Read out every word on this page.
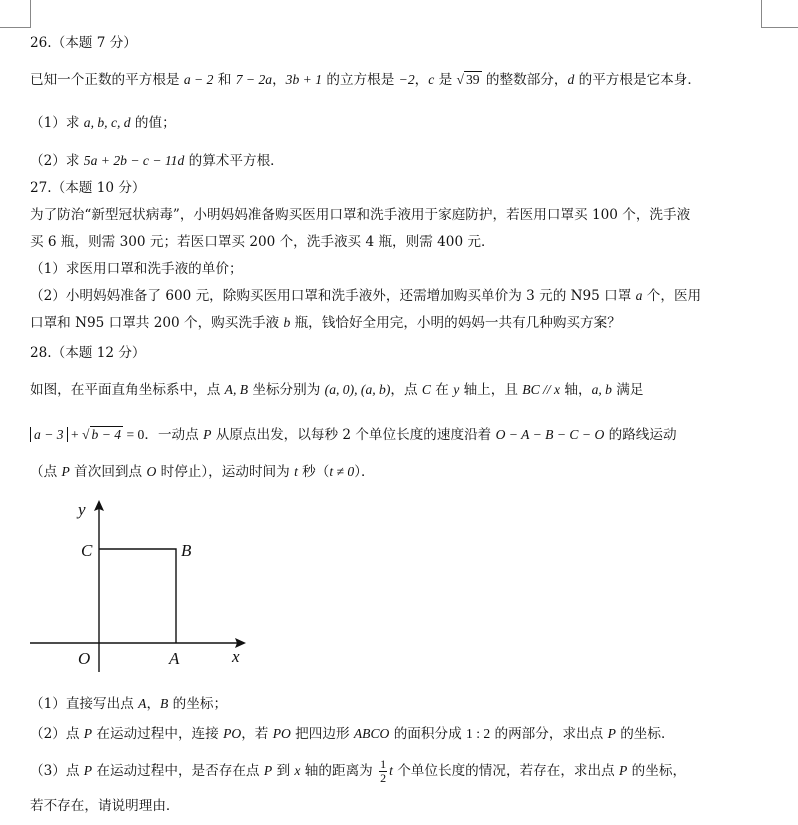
26.（本题 7 分）
已知一个正数的平方根是 a − 2 和 7 − 2a，3b + 1 的立方根是 −2，c 是 √ 39 的整数部分，d 的平方根是它本身．
（1）求 a, b, c, d 的值；
（2）求 5a + 2b − c − 11d 的算术平方根．
27.（本题 10 分）
为了防治“新型冠状病毒”，小明妈妈准备购买医用口罩和洗手液用于家庭防护，若医用口罩买 100 个，洗手液
买 6 瓶，则需 300 元；若医口罩买 200 个，洗手液买 4 瓶，则需 400 元．
（1）求医用口罩和洗手液的单价；
（2）小明妈妈准备了 600 元，除购买医用口罩和洗手液外，还需增加购买单价为 3 元的 N95 口罩 a 个，医用
口罩和 N95 口罩共 200 个，购买洗手液 b 瓶，钱恰好全用完，小明的妈妈一共有几种购买方案？
28.（本题 12 分）
如图，在平面直角坐标系中，点 A, B 坐标分别为 (a, 0), (a, b)，点 C 在 y 轴上，且 BC // x 轴，a, b 满足
a − 3 + √ b − 4 = 0．一动点 P 从原点出发，以每秒 2 个单位长度的速度沿着 O − A − B − C − O 的路线运动
（点 P 首次回到点 O 时停止），运动时间为 t 秒（t ≠ 0）．
y
C	B
O	A	x
（1）直接写出点 A，B 的坐标；
（2）点 P 在运动过程中，连接 PO，若 PO 把四边形 ABCO 的面积分成 1 : 2 的两部分，求出点 P 的坐标．
（3）点 P 在运动过程中，是否存在点 P 到 x 轴的距离为 $\frac{1}{2}$ t 个单位长度的情况，若存在，求出点 P 的坐标，
若不存在，请说明理由．
